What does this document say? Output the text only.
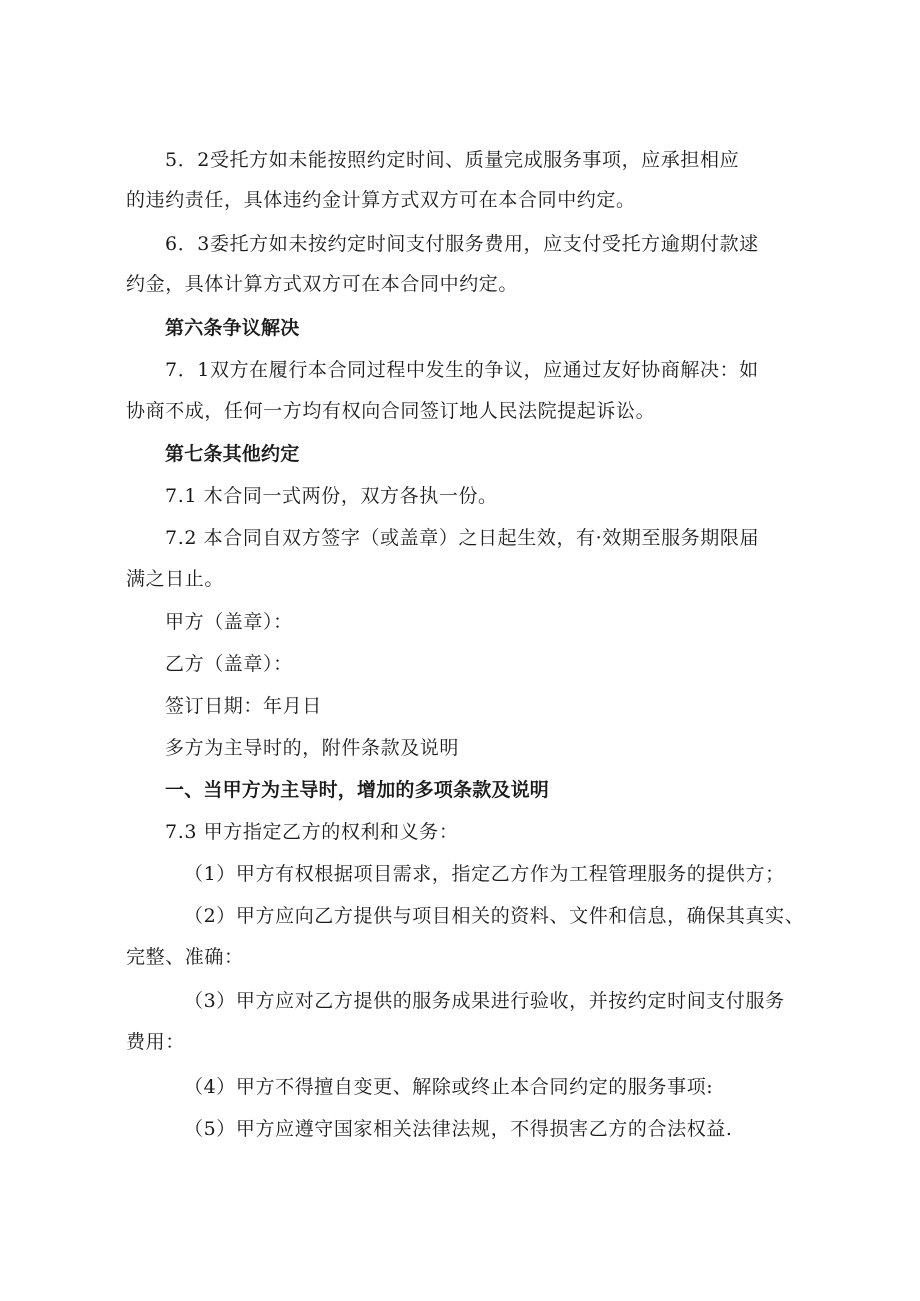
5．2受托方如未能按照约定时间、质量完成服务事项，应承担相应
的违约责任，具体违约金计算方式双方可在本合同中约定。
6．3委托方如未按约定时间支付服务费用，应支付受托方逾期付款逑
约金，具体计算方式双方可在本合同中约定。
第六条争议解决
7．1双方在履行本合同过程中发生的争议，应通过友好协商解决：如
协商不成，任何一方均有权向合同签订地人民法院提起诉讼。
第七条其他约定
7.1 木合同一式两份，双方各执一份。
7.2 本合同自双方签字（或盖章）之日起生效，有·效期至服务期限届
满之日止。
甲方（盖章）：
乙方（盖章）：
签订日期：年月日
多方为主导时的，附件条款及说明
一、当甲方为主导时，增加的多项条款及说明
7.3 甲方指定乙方的权利和义务：
（1）甲方有权根据项目需求，指定乙方作为工程管理服务的提供方；
（2）甲方应向乙方提供与项目相关的资料、文件和信息，确保其真实、
完整、准确：
（3）甲方应对乙方提供的服务成果进行验收，并按约定时间支付服务
费用：
（4）甲方不得擅自变更、解除或终止本合同约定的服务事项:
（5）甲方应遵守国家相关法律法规，不得损害乙方的合法权益.
